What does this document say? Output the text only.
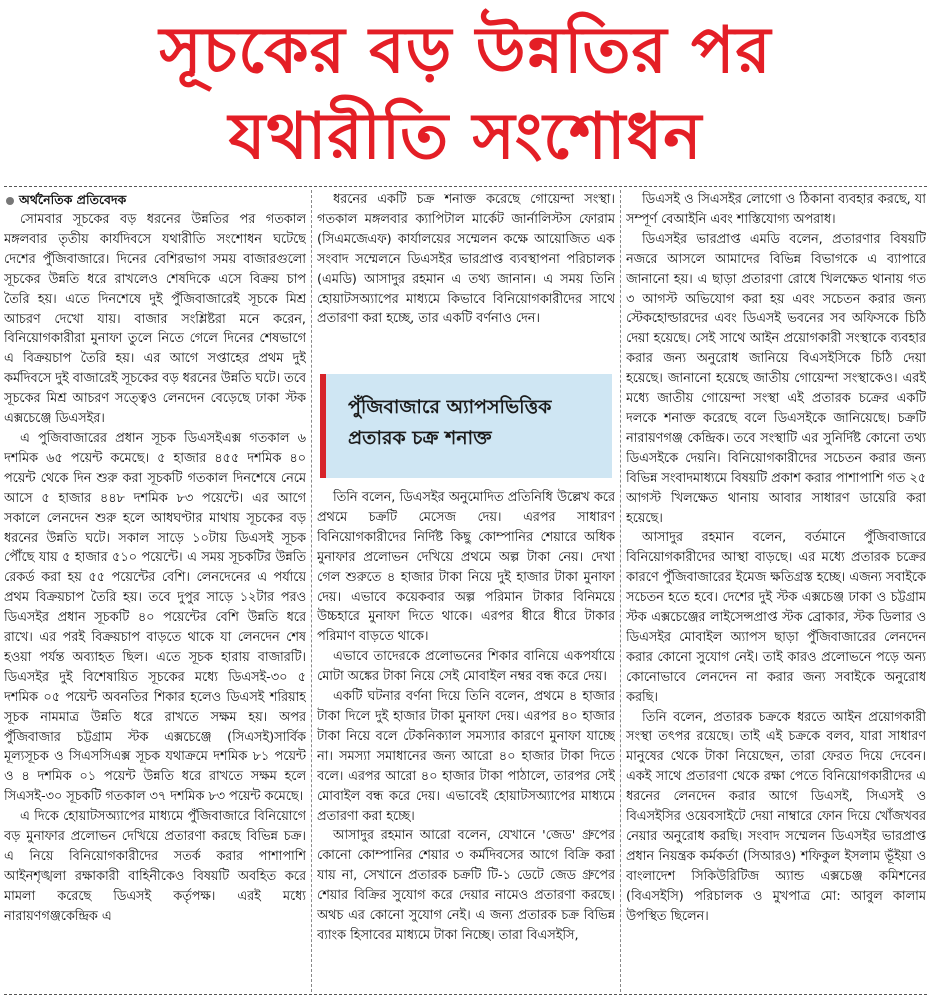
সূচকের বড় উন্নতির পর
যথারীতি সংশোধন
অর্থনৈতিক প্রতিবেদক

সোমবার সূচকের বড় ধরনের উন্নতির পর গতকাল মঙ্গলবার তৃতীয় কার্যদিবসে যথারীতি সংশোধন ঘটেছে দেশের পুঁজিবাজারে। দিনের বেশিরভাগ সময় বাজারগুলো সূচকের উন্নতি ধরে রাখলেও শেষদিকে এসে বিক্রয় চাপ তৈরি হয়। এতে দিনশেষে দুই পুঁজিবাজারেই সূচকে মিশ্র আচরণ দেখো যায়। বাজার সংশ্লিষ্টরা মনে করেন, বিনিয়োগকারীরা মুনাফা তুলে নিতে গেলে দিনের শেষভাগে এ বিক্রয়চাপ তৈরি হয়। এর আগে সপ্তাহের প্রথম দুই কর্মদিবসে দুই বাজারেই সূচকের বড় ধরনের উন্নতি ঘটে। তবে সূচকের মিশ্র আচরণ সত্ত্বেও লেনদেন বেড়েছে ঢাকা স্টক এক্সচেঞ্জে ডিএসইর।

এ পুজিবাজারের প্রধান সূচক ডিএসইএক্স গতকাল ৬ দশমিক ৬৫ পয়েন্ট কমেছে। ৫ হাজার ৪৫৫ দশমিক ৪০ পয়েন্ট থেকে দিন শুরু করা সূচকটি গতকাল দিনশেষে নেমে আসে ৫ হাজার ৪৪৮ দশমিক ৮৩ পয়েন্টে। এর আগে সকালে লেনদেন শুরু হলে আধঘণ্টার মাথায় সূচকের বড় ধরনের উন্নতি ঘটে। সকাল সাড়ে ১০টায় ডিএসই সূচক পৌঁছে যায় ৫ হাজার ৫১০ পয়েন্টে। এ সময় সূচকটির উন্নতি রেকর্ড করা হয় ৫৫ পয়েন্টের বেশি। লেনদেনের এ পর্যায়ে প্রথম বিক্রয়চাপ তৈরি হয়। তবে দুপুর সাড়ে ১২টার পরও ডিএসইর প্রধান সূচকটি ৪০ পয়েন্টের বেশি উন্নতি ধরে রাখে। এর পরই বিক্রয়চাপ বাড়তে থাকে যা লেনদেন শেষ হওয়া পর্যন্ত অব্যাহত ছিল। এতে সূচক হারায় বাজারটি। ডিএসইর দুই বিশেষায়িত সূচকের মধ্যে ডিএসই-৩০ ৫ দশমিক ০৫ পয়েন্ট অবনতির শিকার হলেও ডিএসই শরিয়াহ সূচক নামমাত্র উন্নতি ধরে রাখতে সক্ষম হয়। অপর পুঁজিবাজার চট্টগ্রাম স্টক এক্সচেঞ্জে (সিএসই)সার্বিক মূল্যসূচক ও সিএসসিএক্স সূচক যথাক্রমে দশমিক ৮১ পয়েন্ট ও ৪ দশমিক ০১ পয়েন্ট উন্নতি ধরে রাখতে সক্ষম হলে সিএসই-৩০ সূচকটি গতকাল ৩৭ দশমিক ৮৩ পয়েন্ট কমেছে।

এ দিকে হোয়াটসঅ্যাপের মাধ্যমে পুঁজিবাজারে বিনিয়োগে বড় মুনাফার প্রলোভন দেখিয়ে প্রতারণা করছে বিভিন্ন চক্র। এ নিয়ে বিনিয়োগকারীদের সতর্ক করার পাশাপাশি আইনশৃঙ্খলা রক্ষাকারী বাহিনীকেও বিষয়টি অবহিত করে মামলা করেছে ডিএসই কর্তৃপক্ষ। এরই মধ্যে নারায়ণগঞ্জকেন্দ্রিক এ

ধরনের একটি চক্র শনাক্ত করেছে গোয়েন্দা সংস্থা। গতকাল মঙ্গলবার ক্যাপিটাল মার্কেট জার্নালিস্টস ফোরাম (সিএমজেএফ) কার্যালয়ের সম্মেলন কক্ষে আয়োজিত এক সংবাদ সম্মেলনে ডিএসইর ভারপ্রাপ্ত ব্যবস্থাপনা পরিচালক (এমডি) আসাদুর রহমান এ তথ্য জানান। এ সময় তিনি হোয়াটসঅ্যাপের মাধ্যমে কিভাবে বিনিয়োগকারীদের সাথে প্রতারণা করা হচ্ছে, তার একটি বর্ণনাও দেন।

পুঁজিবাজারে অ্যাপসভিত্তিক
প্রতারক চক্র শনাক্ত

তিনি বলেন, ডিএসইর অনুমোদিত প্রতিনিধি উল্লেখ করে প্রথমে চক্রটি মেসেজ দেয়। এরপর সাধারণ বিনিয়োগকারীদের নির্দিষ্ট কিছু কোম্পানির শেয়ারে অধিক মুনাফার প্রলোভন দেখিয়ে প্রথমে অল্প টাকা নেয়। দেখা গেল শুরুতে ৪ হাজার টাকা নিয়ে দুই হাজার টাকা মুনাফা দেয়। এভাবে কয়েকবার অল্প পরিমান টাকার বিনিময়ে উচ্চহারে মুনাফা দিতে থাকে। এরপর ধীরে ধীরে টাকার পরিমাণ বাড়তে থাকে।

এভাবে তাদেরকে প্রলোভনের শিকার বানিয়ে একপর্যায়ে মোটা অঙ্কের টাকা নিয়ে সেই মোবাইল নম্বর বন্ধ করে দেয়।

একটি ঘটনার বর্ণনা দিয়ে তিনি বলেন, প্রথমে ৪ হাজার টাকা দিলে দুই হাজার টাকা মুনাফা দেয়। এরপর ৪০ হাজার টাকা নিয়ে বলে টেকনিক্যাল সমস্যার কারণে মুনাফা যাচ্ছে না। সমস্যা সমাধানের জন্য আরো ৪০ হাজার টাকা দিতে বলে। এরপর আরো ৪০ হাজার টাকা পাঠালে, তারপর সেই মোবাইল বন্ধ করে দেয়। এভাবেই হোয়াটসঅ্যাপের মাধ্যমে প্রতারণা করা হচ্ছে।

আসাদুর রহমান আরো বলেন, যেখানে 'জেড' গ্রুপের কোনো কোম্পানির শেয়ার ৩ কর্মদিবসের আগে বিক্রি করা যায় না, সেখানে প্রতারক চক্রটি টি-১ ডেটে জেড গ্রুপের শেয়ার বিক্রির সুযোগ করে দেয়ার নামেও প্রতারণা করছে। অথচ এর কোনো সুযোগ নেই। এ জন্য প্রতারক চক্র বিভিন্ন ব্যাংক হিসাবের মাধ্যমে টাকা নিচ্ছে। তারা বিএসইসি,

ডিএসই ও সিএসইর লোগো ও ঠিকানা ব্যবহার করছে, যা সম্পূর্ণ বেআইনি এবং শাস্তিযোগ্য অপরাধ।

ডিএসইর ভারপ্রাপ্ত এমডি বলেন, প্রতারণার বিষয়টি নজরে আসলে আমাদের বিভিন্ন বিভাগকে এ ব্যাপারে জানানো হয়। এ ছাড়া প্রতারণা রোধে খিলক্ষেত থানায় গত ৩ আগস্ট অভিযোগ করা হয় এবং সচেতন করার জন্য স্টেকহোল্ডারদের এবং ডিএসই ভবনের সব অফিসকে চিঠি দেয়া হয়েছে। সেই সাথে আইন প্রয়োগকারী সংস্থাকে ব্যবহার করার জন্য অনুরোধ জানিয়ে বিএসইসিকে চিঠি দেয়া হয়েছে। জানানো হয়েছে জাতীয় গোয়েন্দা সংস্থাকেও। এরই মধ্যে জাতীয় গোয়েন্দা সংস্থা এই প্রতারক চক্রের একটি দলকে শনাক্ত করেছে বলে ডিএসইকে জানিয়েছে। চক্রটি নারায়ণগঞ্জ কেন্দ্রিক। তবে সংস্থাটি এর সুনির্দিষ্ট কোনো তথ্য ডিএসইকে দেয়নি। বিনিয়োগকারীদের সচেতন করার জন্য বিভিন্ন সংবাদমাধ্যমে বিষয়টি প্রকাশ করার পাশাপাশি গত ২৫ আগস্ট খিলক্ষেত থানায় আবার সাধারণ ডায়েরি করা হয়েছে।

আসাদুর রহমান বলেন, বর্তমানে পুঁজিবাজারে বিনিয়োগকারীদের আস্থা বাড়ছে। এর মধ্যে প্রতারক চক্রের কারণে পুঁজিবাজারের ইমেজ ক্ষতিগ্রস্ত হচ্ছে। এজন্য সবাইকে সচেতন হতে হবে। দেশের দুই স্টক এক্সচেঞ্জ ঢাকা ও চট্টগ্রাম স্টক এক্সচেঞ্জের লাইসেন্সপ্রাপ্ত স্টক ব্রোকার, স্টক ডিলার ও ডিএসইর মোবাইল অ্যাপস ছাড়া পুঁজিবাজারের লেনদেন করার কোনো সুযোগ নেই। তাই কারও প্রলোভনে পড়ে অন্য কোনোভাবে লেনদেন না করার জন্য সবাইকে অনুরোধ করছি।

তিনি বলেন, প্রতারক চক্রকে ধরতে আইন প্রয়োগকারী সংস্থা তৎপর রয়েছে। তাই এই চক্রকে বলব, যারা সাধারণ মানুষের থেকে টাকা নিয়েছেন, তারা ফেরত দিয়ে দেবেন। একই সাথে প্রতারণা থেকে রক্ষা পেতে বিনিয়োগকারীদের এ ধরনের লেনদেন করার আগে ডিএসই, সিএসই ও বিএসইসির ওয়েবসাইটে দেয়া নাম্বারে ফোন দিয়ে খোঁজখবর নেয়ার অনুরোধ করছি। সংবাদ সম্মেলন ডিএসইর ভারপ্রাপ্ত প্রধান নিয়ন্ত্রক কর্মকর্তা (সিআরও) শফিকুল ইসলাম ভূঁইয়া ও বাংলাদেশ সিকিউরিটিজ অ্যান্ড এক্সচেঞ্জ কমিশনের (বিএসইসি) পরিচালক ও মুখপাত্র মো: আবুল কালাম উপস্থিত ছিলেন।
